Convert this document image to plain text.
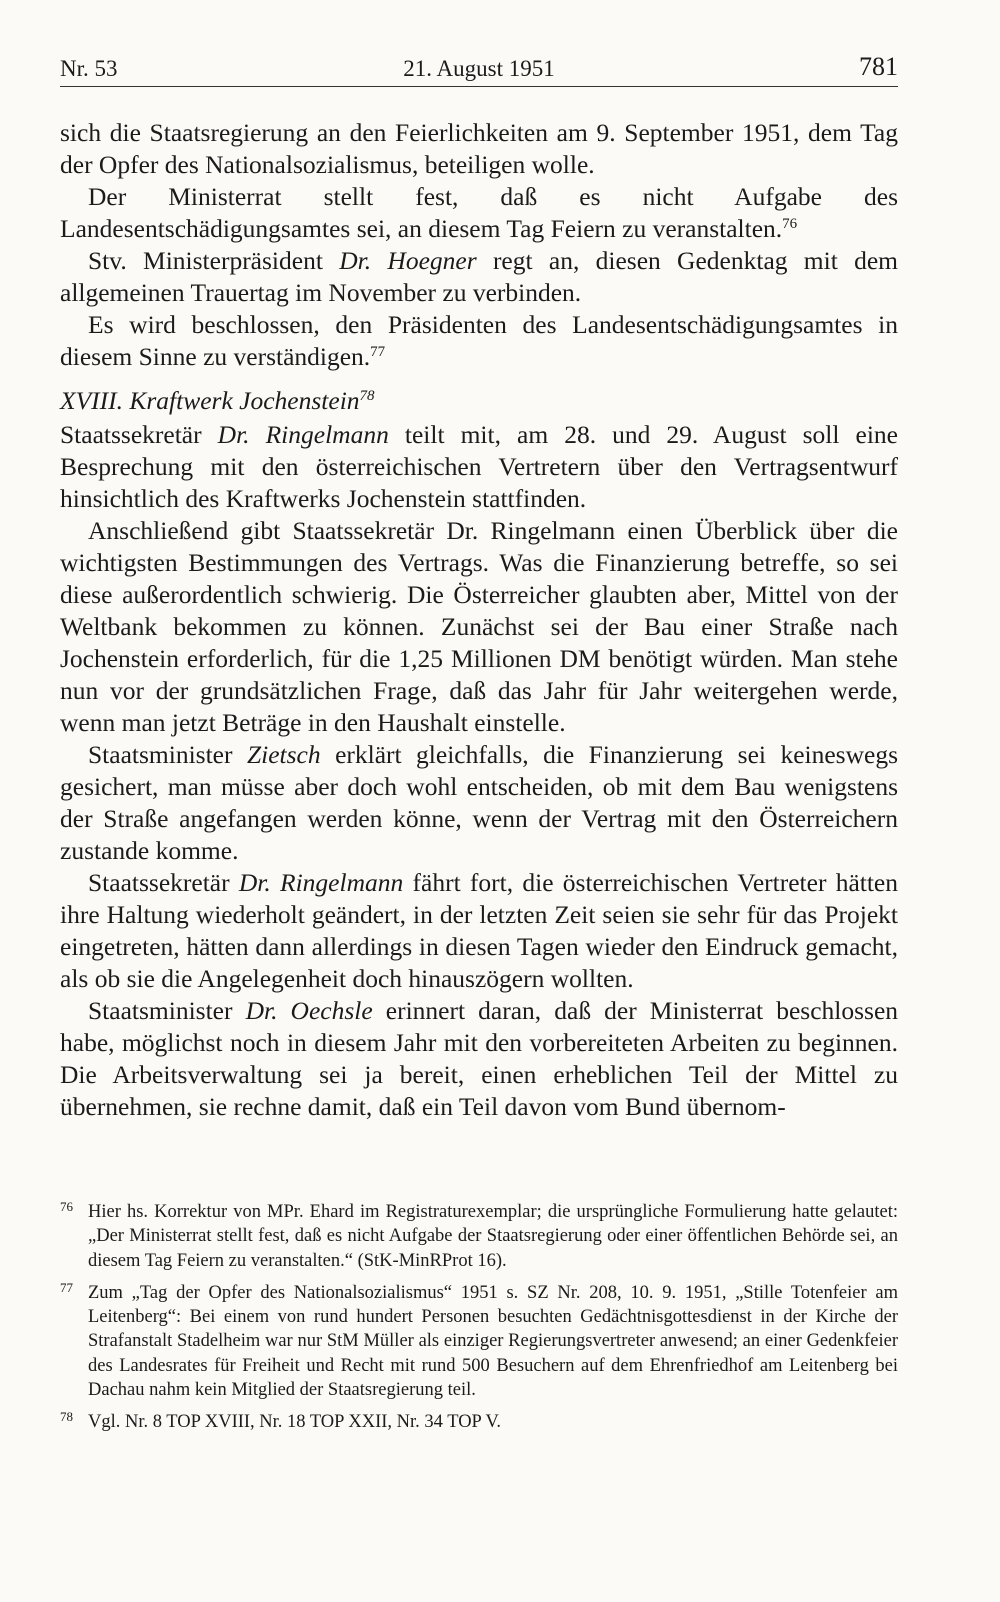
Nr. 53	21. August 1951	781

sich die Staatsregierung an den Feierlichkeiten am 9. September 1951, dem Tag der Opfer des Nationalsozialismus, beteiligen wolle.

Der Ministerrat stellt fest, daß es nicht Aufgabe des Landesentschädigungsamtes sei, an diesem Tag Feiern zu veranstalten.$^{76}$

Stv. Ministerpräsident Dr. Hoegner regt an, diesen Gedenktag mit dem allgemeinen Trauertag im November zu verbinden.

Es wird beschlossen, den Präsidenten des Landesentschädigungsamtes in diesem Sinne zu verständigen.$^{77}$

XVIII. Kraftwerk Jochenstein$^{78}$

Staatssekretär Dr. Ringelmann teilt mit, am 28. und 29. August soll eine Besprechung mit den österreichischen Vertretern über den Vertragsentwurf hinsichtlich des Kraftwerks Jochenstein stattfinden.

Anschließend gibt Staatssekretär Dr. Ringelmann einen Überblick über die wichtigsten Bestimmungen des Vertrags. Was die Finanzierung betreffe, so sei diese außerordentlich schwierig. Die Österreicher glaubten aber, Mittel von der Weltbank bekommen zu können. Zunächst sei der Bau einer Straße nach Jochenstein erforderlich, für die 1,25 Millionen DM benötigt würden. Man stehe nun vor der grundsätzlichen Frage, daß das Jahr für Jahr weitergehen werde, wenn man jetzt Beträge in den Haushalt einstelle.

Staatsminister Zietsch erklärt gleichfalls, die Finanzierung sei keineswegs gesichert, man müsse aber doch wohl entscheiden, ob mit dem Bau wenigstens der Straße angefangen werden könne, wenn der Vertrag mit den Österreichern zustande komme.

Staatssekretär Dr. Ringelmann fährt fort, die österreichischen Vertreter hätten ihre Haltung wiederholt geändert, in der letzten Zeit seien sie sehr für das Projekt eingetreten, hätten dann allerdings in diesen Tagen wieder den Eindruck gemacht, als ob sie die Angelegenheit doch hinauszögern wollten.

Staatsminister Dr. Oechsle erinnert daran, daß der Ministerrat beschlossen habe, möglichst noch in diesem Jahr mit den vorbereiteten Arbeiten zu beginnen. Die Arbeitsverwaltung sei ja bereit, einen erheblichen Teil der Mittel zu übernehmen, sie rechne damit, daß ein Teil davon vom Bund übernom-

76 Hier hs. Korrektur von MPr. Ehard im Registraturexemplar; die ursprüngliche Formulierung hatte gelautet: „Der Ministerrat stellt fest, daß es nicht Aufgabe der Staatsregierung oder einer öffentlichen Behörde sei, an diesem Tag Feiern zu veranstalten.“ (StK-MinRProt 16).
77 Zum „Tag der Opfer des Nationalsozialismus“ 1951 s. SZ Nr. 208, 10. 9. 1951, „Stille Totenfeier am Leitenberg“: Bei einem von rund hundert Personen besuchten Gedächtnisgottesdienst in der Kirche der Strafanstalt Stadelheim war nur StM Müller als einziger Regierungsvertreter anwesend; an einer Gedenkfeier des Landesrates für Freiheit und Recht mit rund 500 Besuchern auf dem Ehrenfriedhof am Leitenberg bei Dachau nahm kein Mitglied der Staatsregierung teil.
78 Vgl. Nr. 8 TOP XVIII, Nr. 18 TOP XXII, Nr. 34 TOP V.
